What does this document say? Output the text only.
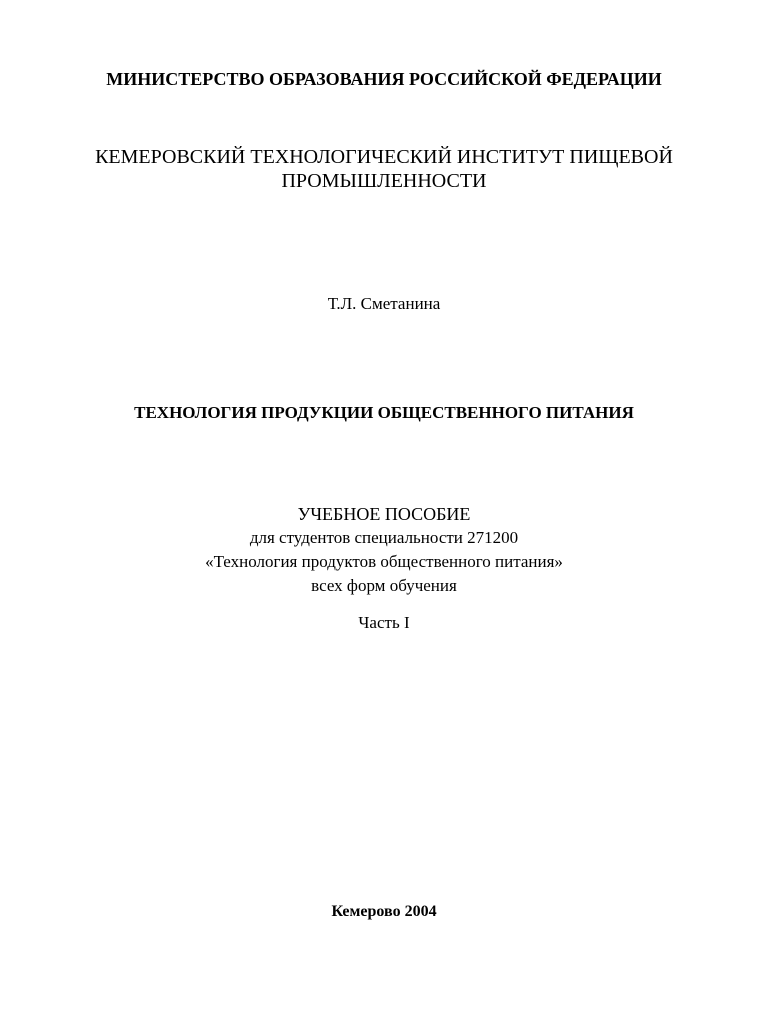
МИНИСТЕРСТВО ОБРАЗОВАНИЯ РОССИЙСКОЙ ФЕДЕРАЦИИ
КЕМЕРОВСКИЙ ТЕХНОЛОГИЧЕСКИЙ ИНСТИТУТ ПИЩЕВОЙ
ПРОМЫШЛЕННОСТИ
Т.Л. Сметанина
ТЕХНОЛОГИЯ ПРОДУКЦИИ ОБЩЕСТВЕННОГО ПИТАНИЯ
УЧЕБНОЕ ПОСОБИЕ
для студентов специальности 271200
«Технология продуктов общественного питания»
всех форм обучения
Часть I
Кемерово 2004
